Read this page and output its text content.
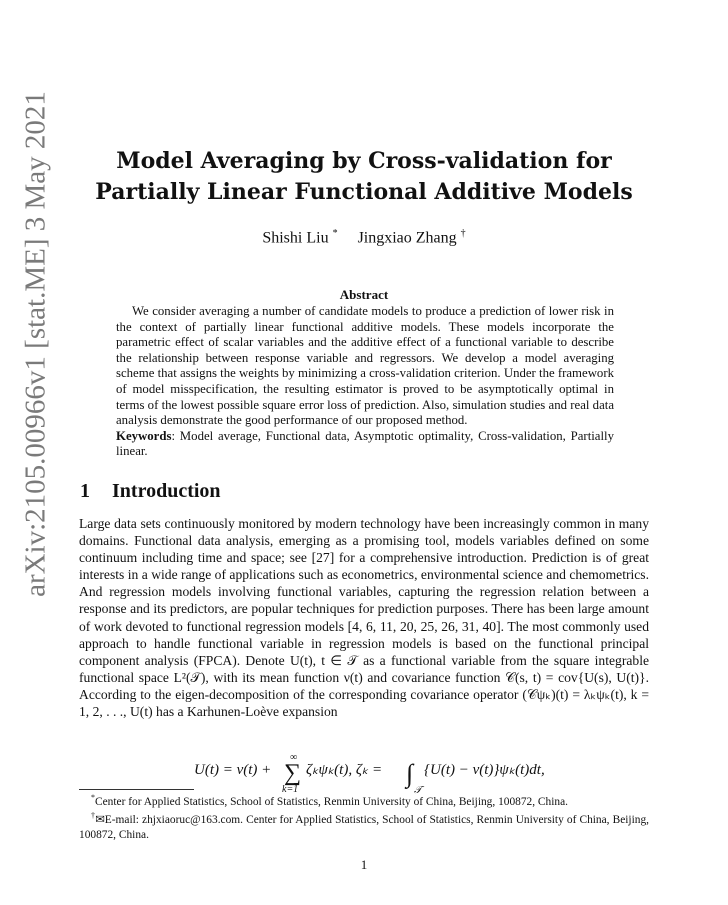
arXiv:2105.00966v1 [stat.ME] 3 May 2021	Model Averaging by Cross-validation for
Partially Linear Functional Additive Models
Shishi Liu * Jingxiao Zhang †
Abstract

We consider averaging a number of candidate models to produce a prediction of lower risk in the context of partially linear functional additive models. These models incorporate the parametric effect of scalar variables and the additive effect of a functional variable to describe the relationship between response variable and regressors. We develop a model averaging scheme that assigns the weights by minimizing a cross-validation criterion. Under the framework of model misspecification, the resulting estimator is proved to be asymptotically optimal in terms of the lowest possible square error loss of prediction. Also, simulation studies and real data analysis demonstrate the good performance of our proposed method.

Keywords: Model average, Functional data, Asymptotic optimality, Cross-validation, Partially linear.

1 Introduction

Large data sets continuously monitored by modern technology have been increasingly common in many domains. Functional data analysis, emerging as a promising tool, models variables defined on some continuum including time and space; see [27] for a comprehensive introduction. Prediction is of great interests in a wide range of applications such as econometrics, environmental science and chemometrics. And regression models involving functional variables, capturing the regression relation between a response and its predictors, are popular techniques for prediction purposes. There has been large amount of work devoted to functional regression models [4, 6, 11, 20, 25, 26, 31, 40]. The most commonly used approach to handle functional variable in regression models is based on the functional principal component analysis (FPCA). Denote U(t), t ∈ 𝒯 as a functional variable from the square integrable functional space L²(𝒯), with its mean function ν(t) and covariance function 𝒞(s, t) = cov{U(s), U(t)}. According to the eigen-decomposition of the corresponding covariance operator (𝒞ψₖ)(t) = λₖψₖ(t), k = 1, 2, . . ., U(t) has a Karhunen-Loève expansion

U(t) = ν(t) +
∞
∑
k=1
ζₖψₖ(t), ζₖ = ∫
𝒯
{U(t) − ν(t)}ψₖ(t)dt,

*Center for Applied Statistics, School of Statistics, Renmin University of China, Beijing, 100872, China.

†✉E-mail: zhjxiaoruc@163.com. Center for Applied Statistics, School of Statistics, Renmin University of China, Beijing, 100872, China.

1
